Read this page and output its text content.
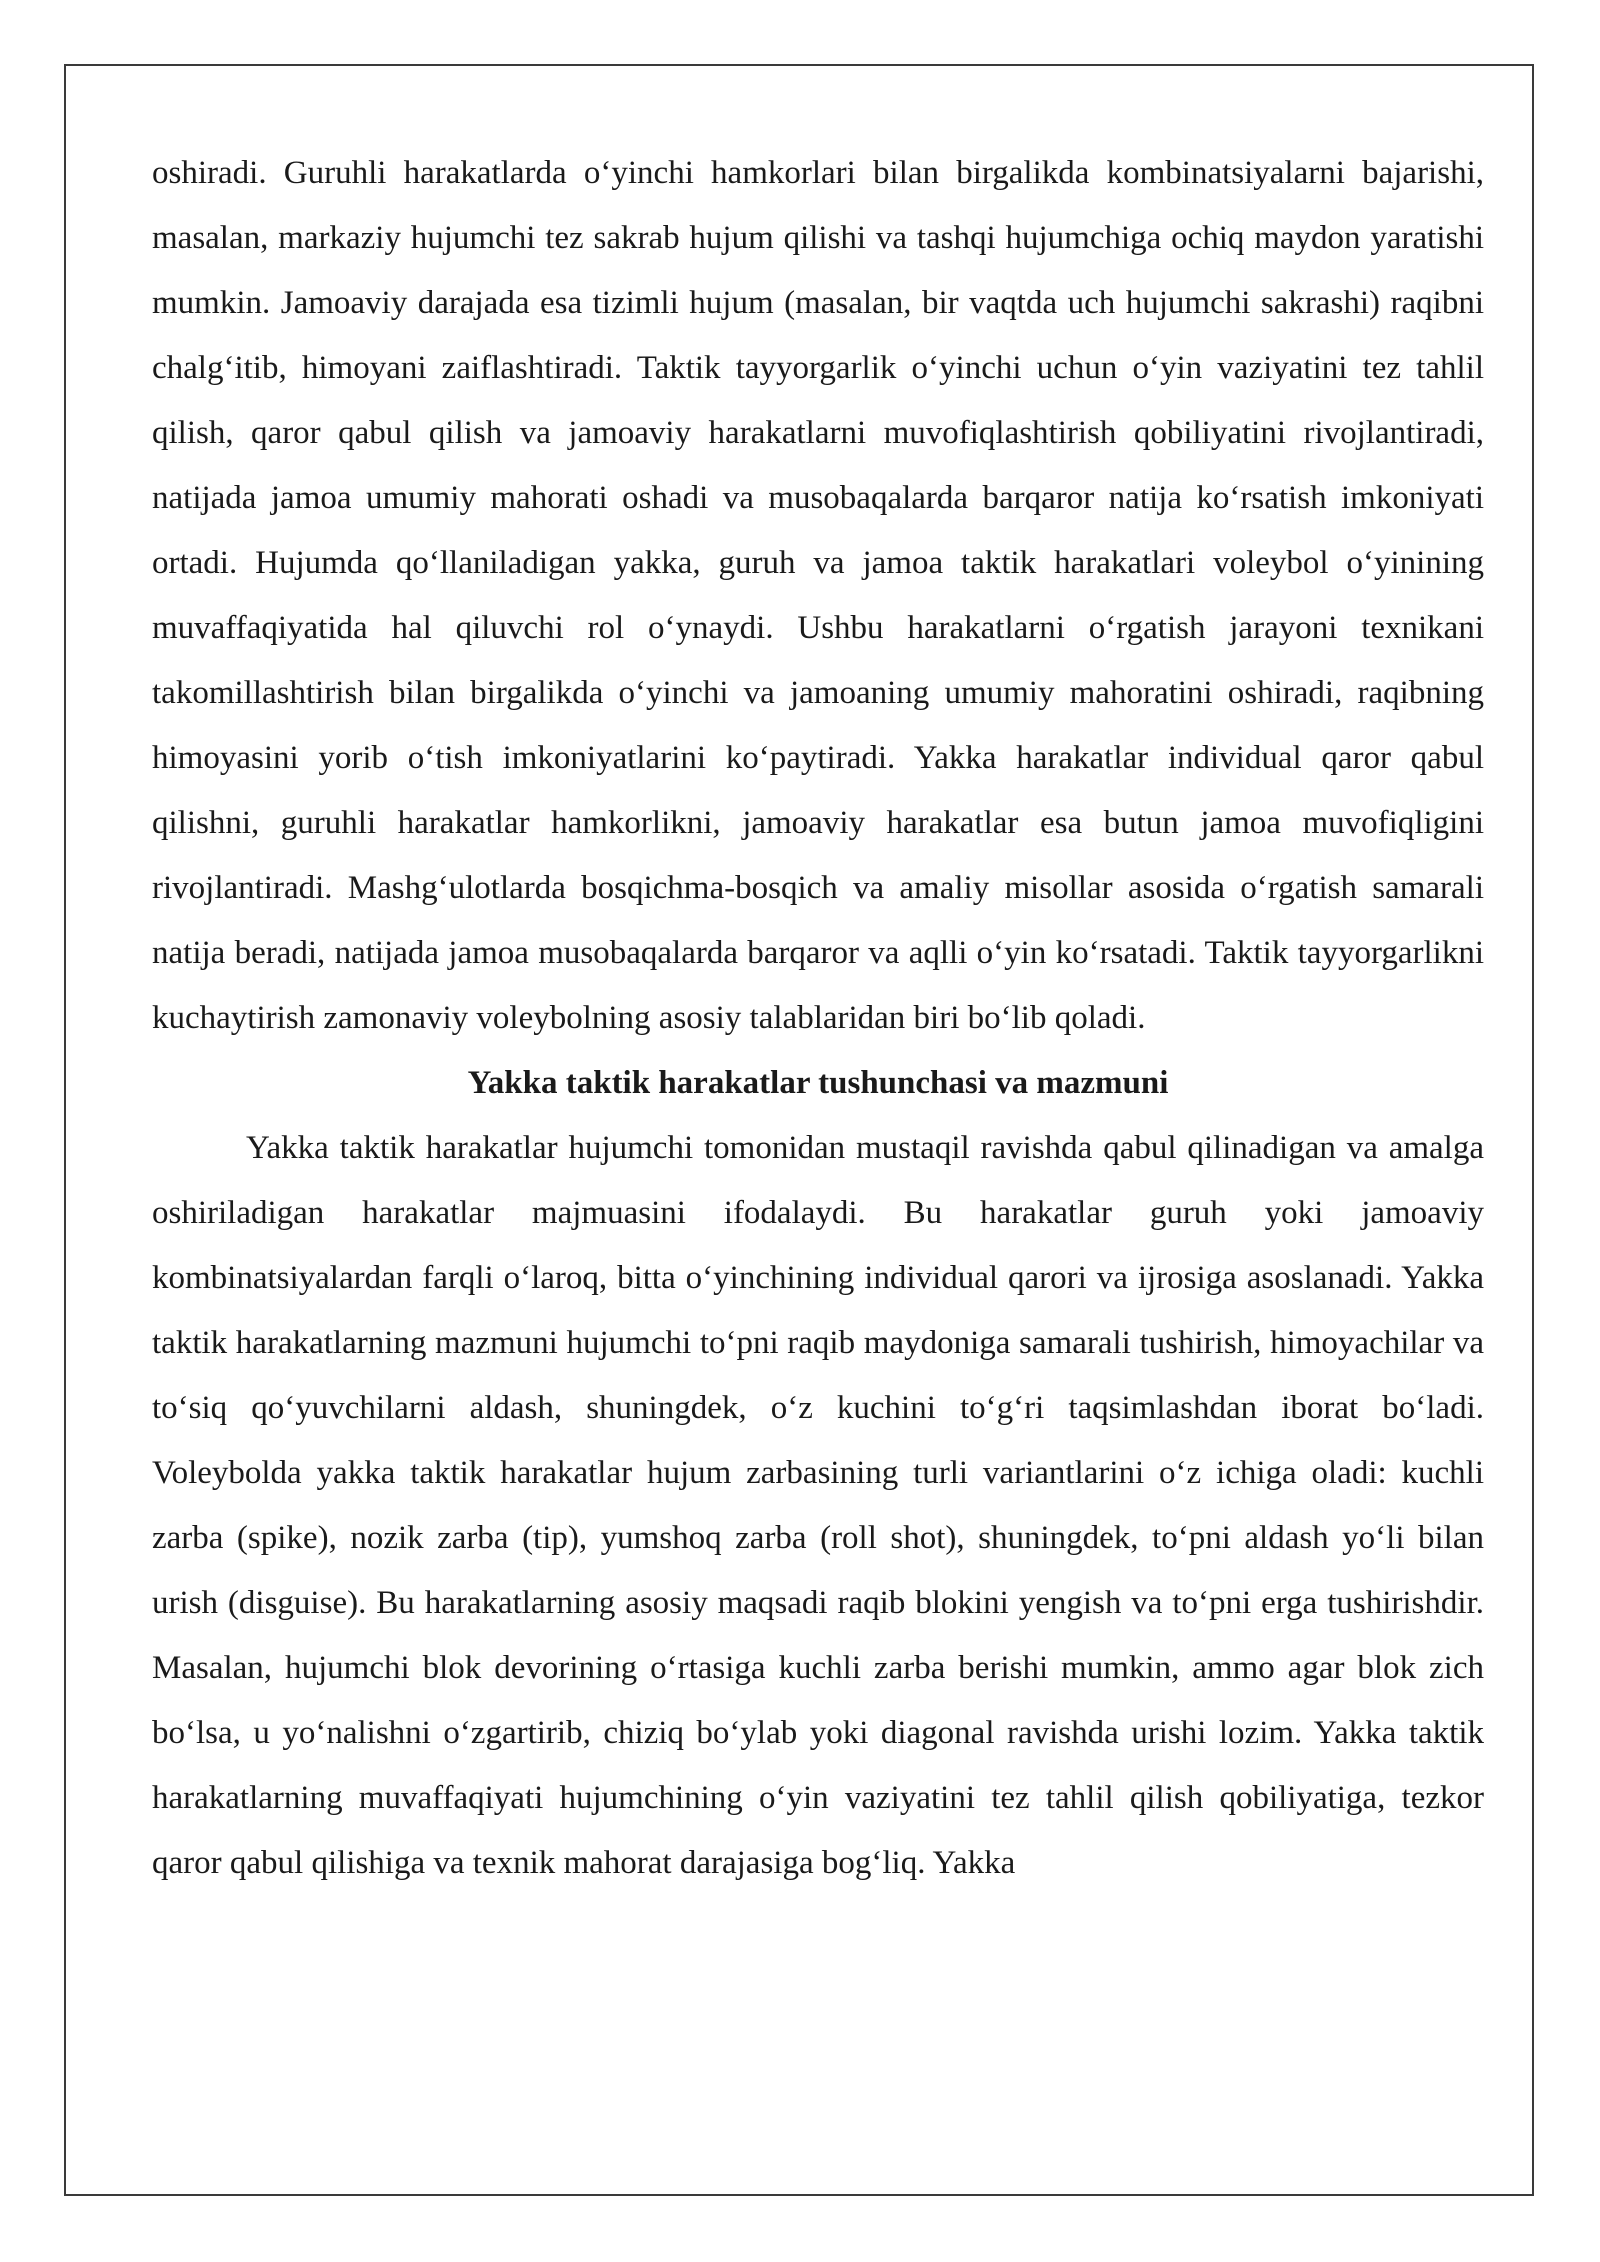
oshiradi. Guruhli harakatlarda o‘yinchi hamkorlari bilan birgalikda kombinatsiyalarni bajarishi, masalan, markaziy hujumchi tez sakrab hujum qilishi va tashqi hujumchiga ochiq maydon yaratishi mumkin. Jamoaviy darajada esa tizimli hujum (masalan, bir vaqtda uch hujumchi sakrashi) raqibni chalg‘itib, himoyani zaiflashtiradi. Taktik tayyorgarlik o‘yinchi uchun o‘yin vaziyatini tez tahlil qilish, qaror qabul qilish va jamoaviy harakatlarni muvofiqlashtirish qobiliyatini rivojlantiradi, natijada jamoa umumiy mahorati oshadi va musobaqalarda barqaror natija ko‘rsatish imkoniyati ortadi. Hujumda qo‘llaniladigan yakka, guruh va jamoa taktik harakatlari voleybol o‘yinining muvaffaqiyatida hal qiluvchi rol o‘ynaydi. Ushbu harakatlarni o‘rgatish jarayoni texnikani takomillashtirish bilan birgalikda o‘yinchi va jamoaning umumiy mahoratini oshiradi, raqibning himoyasini yorib o‘tish imkoniyatlarini ko‘paytiradi. Yakka harakatlar individual qaror qabul qilishni, guruhli harakatlar hamkorlikni, jamoaviy harakatlar esa butun jamoa muvofiqligini rivojlantiradi. Mashg‘ulotlarda bosqichma-bosqich va amaliy misollar asosida o‘rgatish samarali natija beradi, natijada jamoa musobaqalarda barqaror va aqlli o‘yin ko‘rsatadi. Taktik tayyorgarlikni kuchaytirish zamonaviy voleybolning asosiy talablaridan biri bo‘lib qoladi.

Yakka taktik harakatlar tushunchasi va mazmuni

Yakka taktik harakatlar hujumchi tomonidan mustaqil ravishda qabul qilinadigan va amalga oshiriladigan harakatlar majmuasini ifodalaydi. Bu harakatlar guruh yoki jamoaviy kombinatsiyalardan farqli o‘laroq, bitta o‘yinchining individual qarori va ijrosiga asoslanadi. Yakka taktik harakatlarning mazmuni hujumchi to‘pni raqib maydoniga samarali tushirish, himoyachilar va to‘siq qo‘yuvchilarni aldash, shuningdek, o‘z kuchini to‘g‘ri taqsimlashdan iborat bo‘ladi. Voleybolda yakka taktik harakatlar hujum zarbasining turli variantlarini o‘z ichiga oladi: kuchli zarba (spike), nozik zarba (tip), yumshoq zarba (roll shot), shuningdek, to‘pni aldash yo‘li bilan urish (disguise). Bu harakatlarning asosiy maqsadi raqib blokini yengish va to‘pni erga tushirishdir. Masalan, hujumchi blok devorining o‘rtasiga kuchli zarba berishi mumkin, ammo agar blok zich bo‘lsa, u yo‘nalishni o‘zgartirib, chiziq bo‘ylab yoki diagonal ravishda urishi lozim. Yakka taktik harakatlarning muvaffaqiyati hujumchining o‘yin vaziyatini tez tahlil qilish qobiliyatiga, tezkor qaror qabul qilishiga va texnik mahorat darajasiga bog‘liq. Yakka
